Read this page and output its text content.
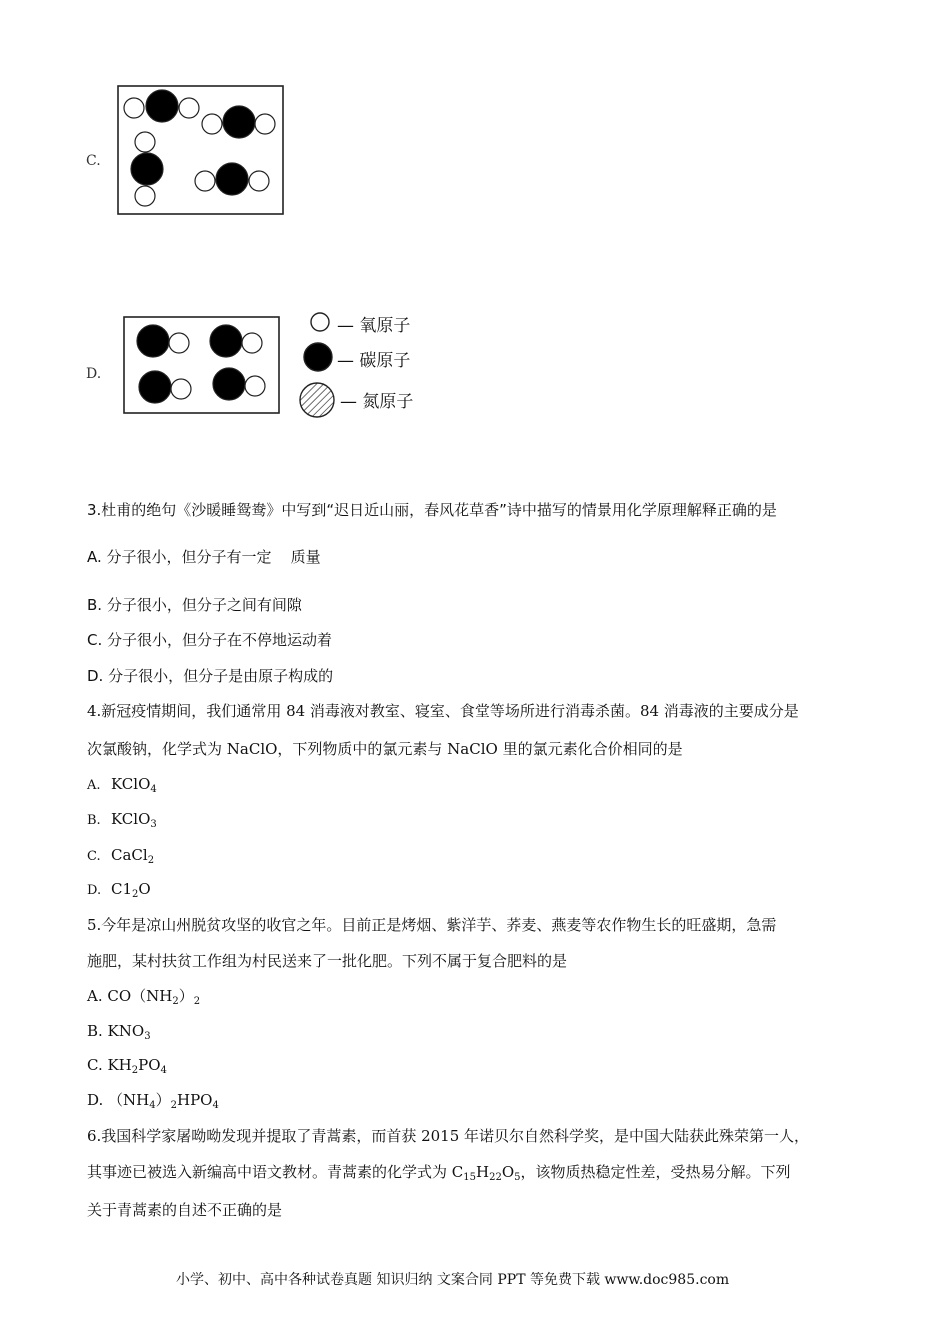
C.
D.
— 氧原子
— 碳原子
— 氮原子
3.杜甫的绝句《沙暖睡鸳鸯》中写到“迟日近山丽，春风花草香”诗中描写的情景用化学原理解释正确的是
A. 分子很小，但分子有一定    质量
B. 分子很小，但分子之间有间隙
C. 分子很小，但分子在不停地运动着
D. 分子很小，但分子是由原子构成的
4.新冠疫情期间，我们通常用 84 消毒液对教室、寝室、食堂等场所进行消毒杀菌。84 消毒液的主要成分是
次氯酸钠，化学式为 NaClO，下列物质中的氯元素与 NaClO 里的氯元素化合价相同的是
A. KClO$_4$
B. KClO$_3$
C. CaCl$_2$
D. $C1_2O$
5.今年是凉山州脱贫攻坚的收官之年。目前正是烤烟、紫洋芋、荞麦、燕麦等农作物生长的旺盛期，急需
施肥，某村扶贫工作组为村民送来了一批化肥。下列不属于复合肥料的是
A. $CO(NH_2)_2$
B. $KNO_3$
C. $KH_2PO_4$
D. $(NH_4)_2HPO_4$
6.我国科学家屠呦呦发现并提取了青蒿素，而首获 2015 年诺贝尔自然科学奖，是中国大陆获此殊荣第一人，
其事迹已被选入新编高中语文教材。青蒿素的化学式为 $C_{15}H_{22}O_5$，该物质热稳定性差，受热易分解。下列
关于青蒿素的自述不正确的是
小学、初中、高中各种试卷真题 知识归纳 文案合同 PPT 等免费下载 www.doc985.com
